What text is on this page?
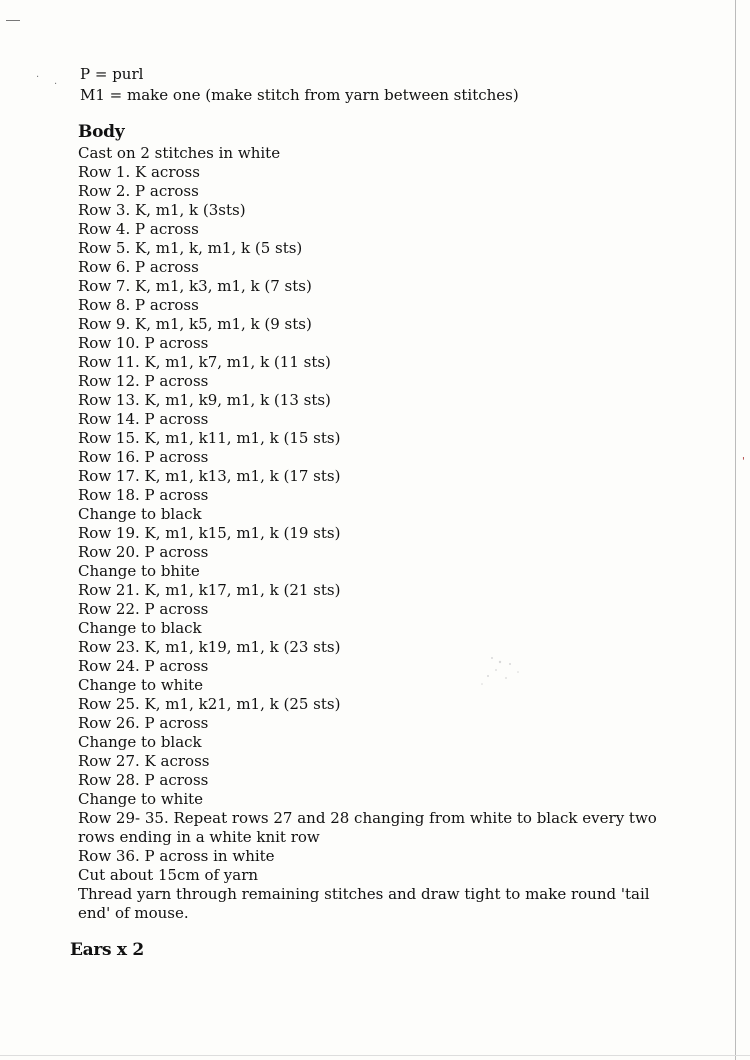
· .
'
P = purl
M1 = make one (make stitch from yarn between stitches)
Body
Cast on 2 stitches in white
Row 1. K across
Row 2. P across
Row 3. K, m1, k (3sts)
Row 4. P across
Row 5. K, m1, k, m1, k (5 sts)
Row 6. P across
Row 7. K, m1, k3, m1, k (7 sts)
Row 8. P across
Row 9. K, m1, k5, m1, k (9 sts)
Row 10. P across
Row 11. K, m1, k7, m1, k (11 sts)
Row 12. P across
Row 13. K, m1, k9, m1, k (13 sts)
Row 14. P across
Row 15. K, m1, k11, m1, k (15 sts)
Row 16. P across
Row 17. K, m1, k13, m1, k (17 sts)
Row 18. P across
Change to black
Row 19. K, m1, k15, m1, k (19 sts)
Row 20. P across
Change to bhite
Row 21. K, m1, k17, m1, k (21 sts)
Row 22. P across
Change to black
Row 23. K, m1, k19, m1, k (23 sts)
Row 24. P across
Change to white
Row 25. K, m1, k21, m1, k (25 sts)
Row 26. P across
Change to black
Row 27. K across
Row 28. P across
Change to white
Row 29- 35. Repeat rows 27 and 28 changing from white to black every two rows ending in a white knit row
Row 36. P across in white
Cut about 15cm of yarn
Thread yarn through remaining stitches and draw tight to make round 'tail end' of mouse.
Ears x 2
